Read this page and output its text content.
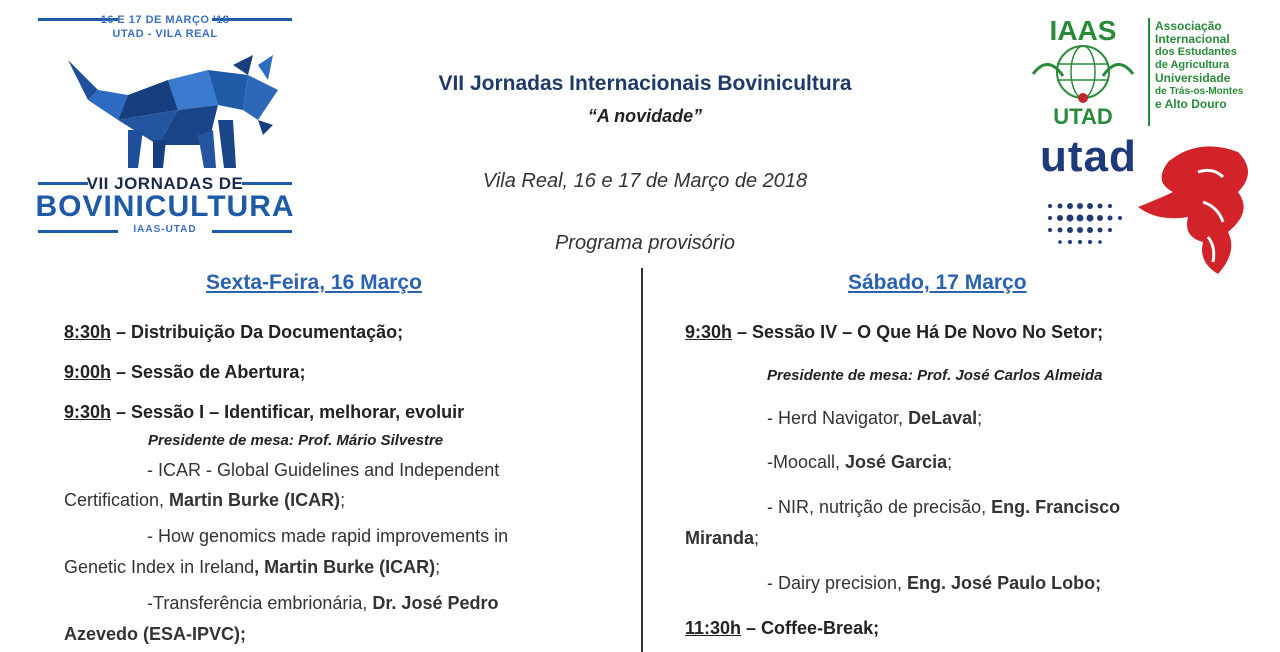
16 E 17 DE MARÇO '18
UTAD - VILA REAL
VII JORNADAS DE
BOVINICULTURA
IAAS-UTAD
VII Jornadas Internacionais Bovinicultura
“A novidade”
Vila Real, 16 e 17 de Março de 2018
Programa provisório
IAAS
UTAD
Associação
Internacional
dos Estudantes
de Agricultura
Universidade
de Trás-os-Montes
e Alto Douro
utad
Sexta-Feira, 16 Março
8:30h – Distribuição Da Documentação;
9:00h – Sessão de Abertura;
9:30h – Sessão I – Identificar, melhorar, evoluir
Presidente de mesa: Prof. Mário Silvestre
- ICAR - Global Guidelines and Independent
Certification, Martin Burke (ICAR);
- How genomics made rapid improvements in
Genetic Index in Ireland, Martin Burke (ICAR);
-Transferência embrionária, Dr. José Pedro
Azevedo (ESA-IPVC);
Sábado, 17 Março
9:30h – Sessão IV – O Que Há De Novo No Setor;
Presidente de mesa: Prof. José Carlos Almeida
- Herd Navigator, DeLaval;
-Moocall, José Garcia;
- NIR, nutrição de precisão, Eng. Francisco
Miranda;
- Dairy precision, Eng. José Paulo Lobo;
11:30h – Coffee-Break;
